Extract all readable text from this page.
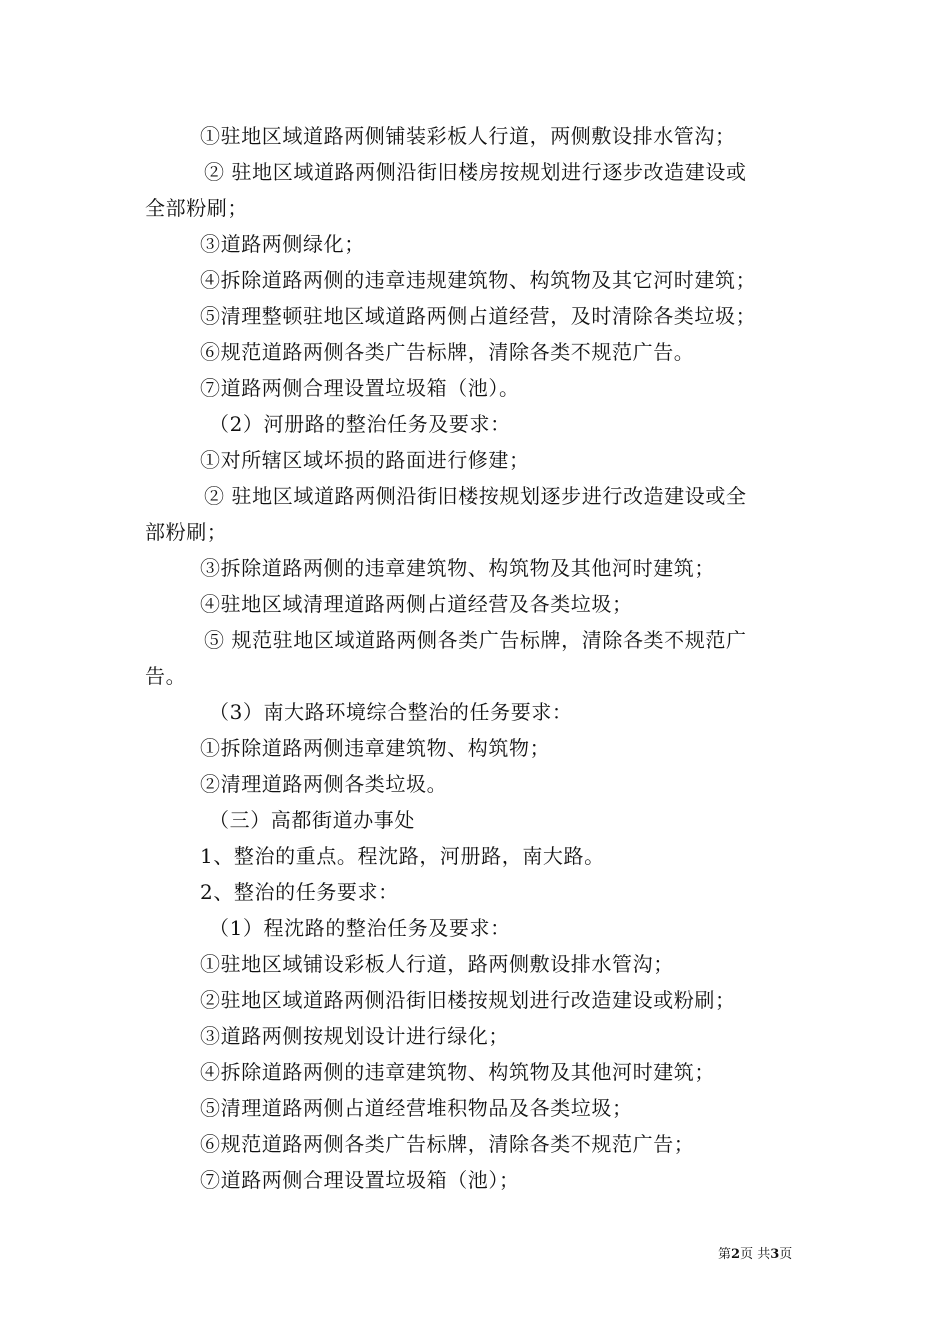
①驻地区域道路两侧铺装彩板人行道，两侧敷设排水管沟；
② 驻地区域道路两侧沿街旧楼房按规划进行逐步改造建设或
全部粉刷；
③道路两侧绿化；
④拆除道路两侧的违章违规建筑物、构筑物及其它河时建筑；
⑤清理整顿驻地区域道路两侧占道经营，及时清除各类垃圾；
⑥规范道路两侧各类广告标牌，清除各类不规范广告。
⑦道路两侧合理设置垃圾箱（池）。
（2）河册路的整治任务及要求：
①对所辖区域坏损的路面进行修建；
② 驻地区域道路两侧沿街旧楼按规划逐步进行改造建设或全
部粉刷；
③拆除道路两侧的违章建筑物、构筑物及其他河时建筑；
④驻地区域清理道路两侧占道经营及各类垃圾；
⑤ 规范驻地区域道路两侧各类广告标牌，清除各类不规范广
告。
（3）南大路环境综合整治的任务要求：
①拆除道路两侧违章建筑物、构筑物；
②清理道路两侧各类垃圾。
（三）高都街道办事处
1、整治的重点。程沈路，河册路，南大路。
2、整治的任务要求：
（1）程沈路的整治任务及要求：
①驻地区域铺设彩板人行道，路两侧敷设排水管沟；
②驻地区域道路两侧沿街旧楼按规划进行改造建设或粉刷；
③道路两侧按规划设计进行绿化；
④拆除道路两侧的违章建筑物、构筑物及其他河时建筑；
⑤清理道路两侧占道经营堆积物品及各类垃圾；
⑥规范道路两侧各类广告标牌，清除各类不规范广告；
⑦道路两侧合理设置垃圾箱（池）；
第2页 共3页
